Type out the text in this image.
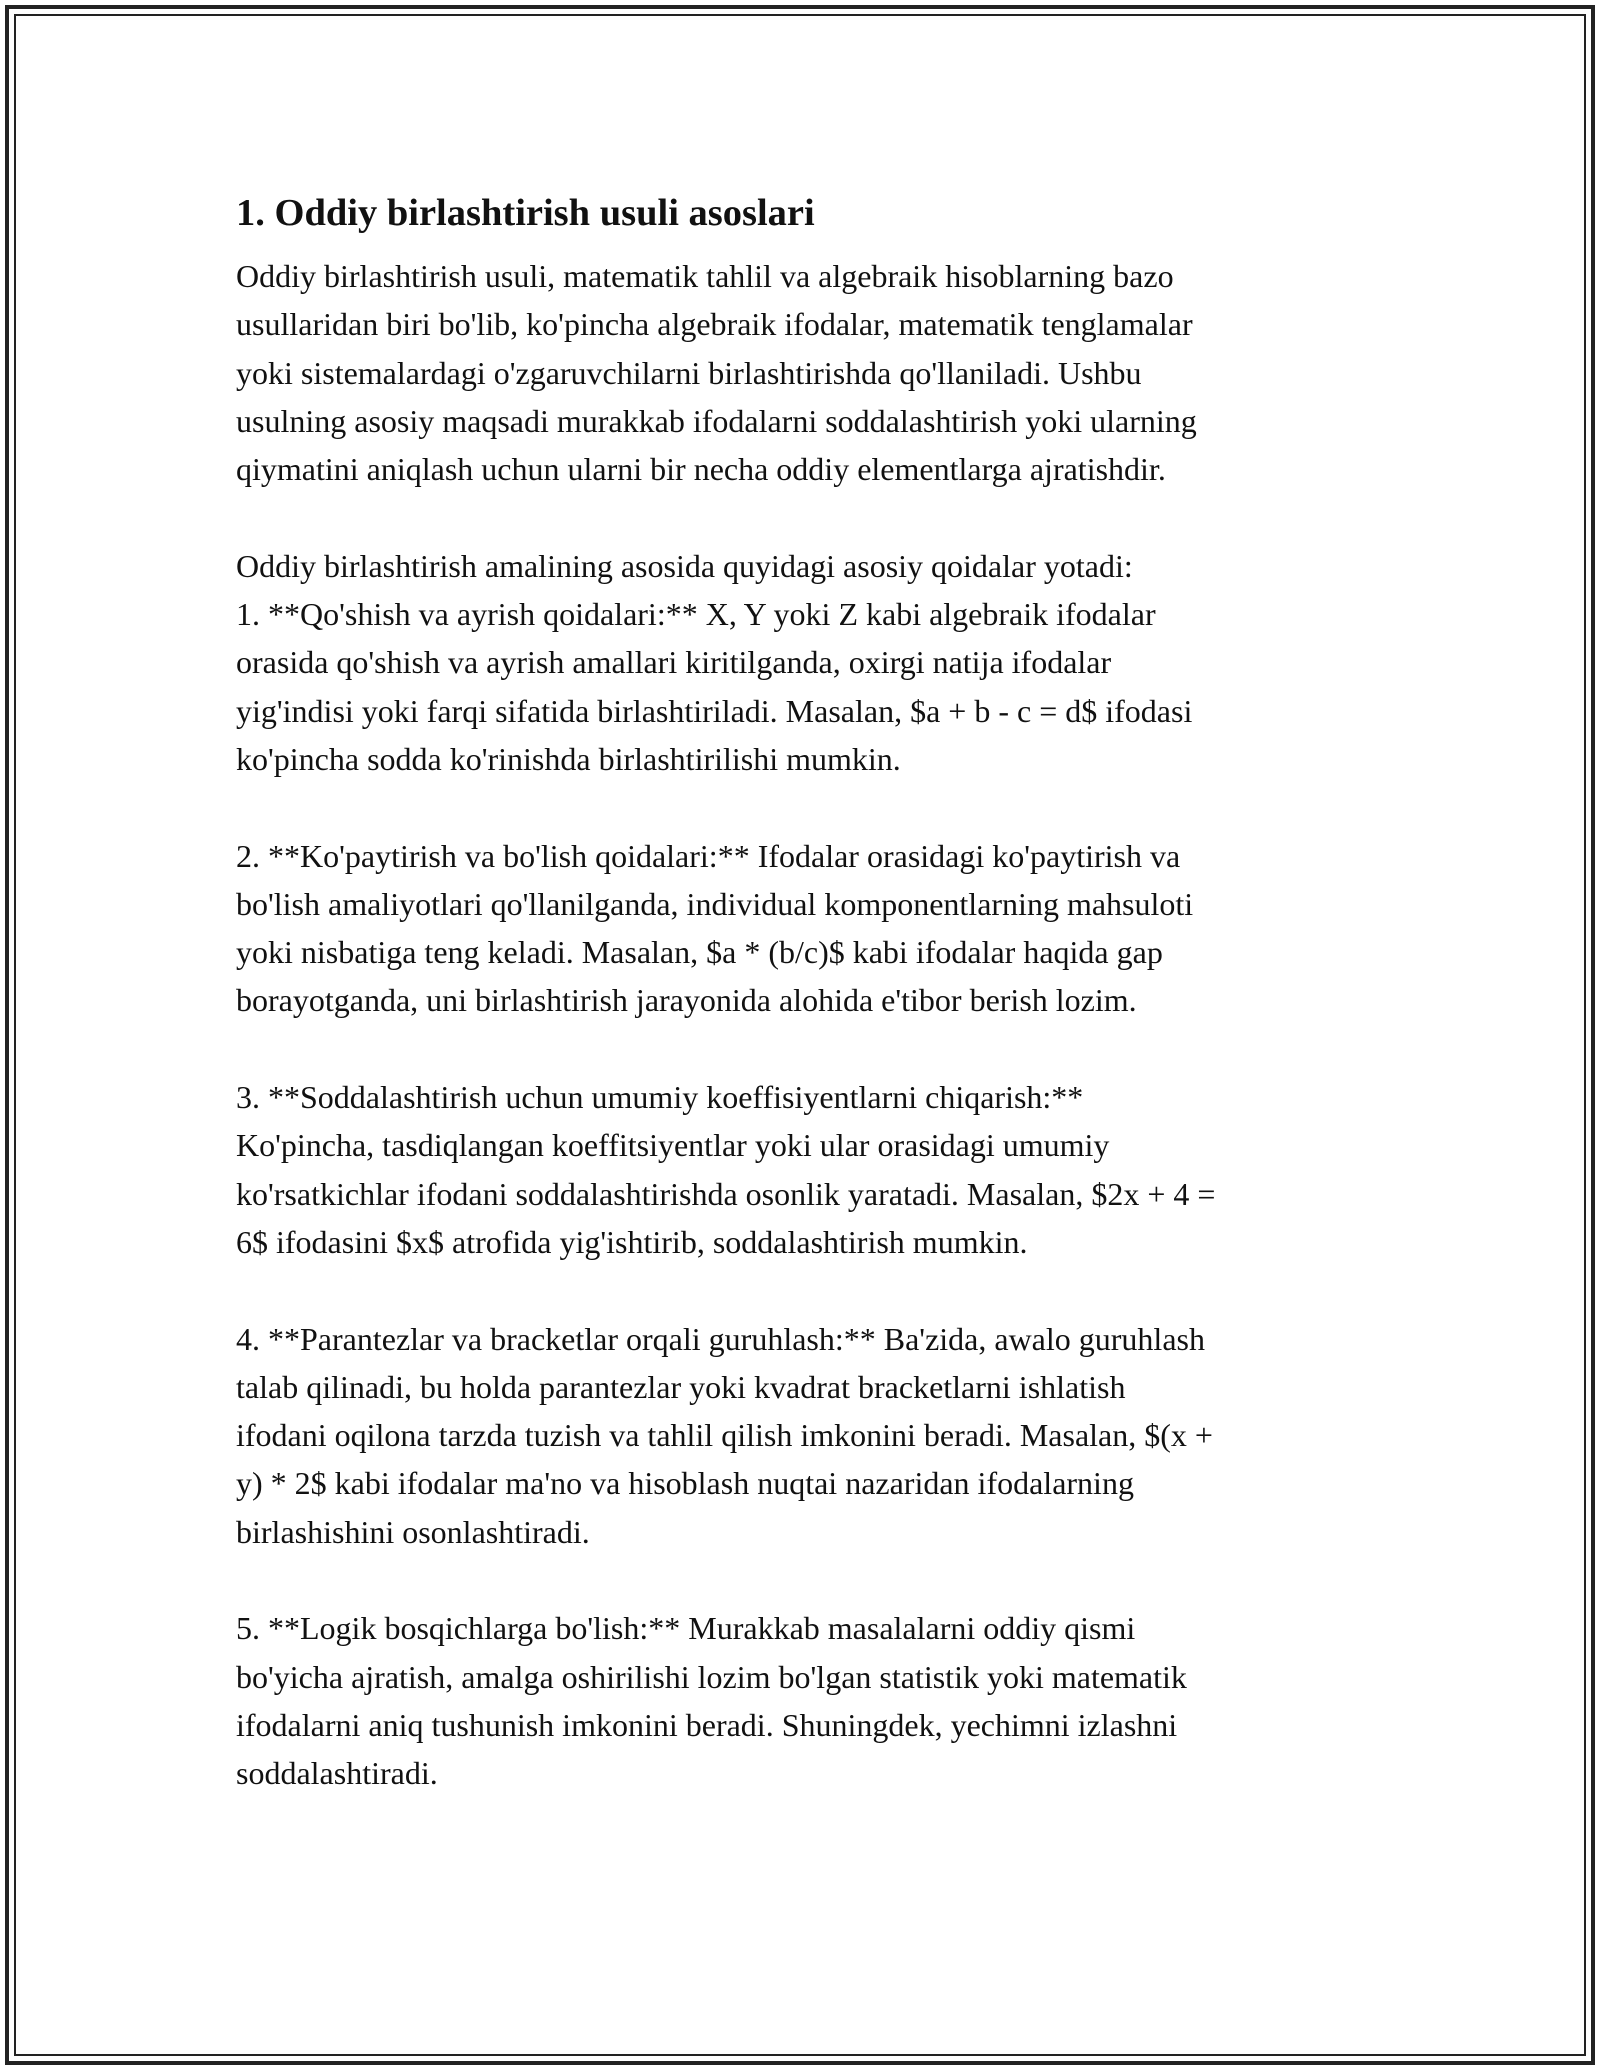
1. Oddiy birlashtirish usuli asoslari

Oddiy birlashtirish usuli, matematik tahlil va algebraik hisoblarning bazo
usullaridan biri bo'lib, ko'pincha algebraik ifodalar, matematik tenglamalar
yoki sistemalardagi o'zgaruvchilarni birlashtirishda qo'llaniladi. Ushbu
usulning asosiy maqsadi murakkab ifodalarni soddalashtirish yoki ularning
qiymatini aniqlash uchun ularni bir necha oddiy elementlarga ajratishdir.
Oddiy birlashtirish amalining asosida quyidagi asosiy qoidalar yotadi:

1. **Qo'shish va ayrish qoidalari:** X, Y yoki Z kabi algebraik ifodalar
orasida qo'shish va ayrish amallari kiritilganda, oxirgi natija ifodalar
yig'indisi yoki farqi sifatida birlashtiriladi. Masalan, $a + b - c = d$ ifodasi
ko'pincha sodda ko'rinishda birlashtirilishi mumkin.

2. **Ko'paytirish va bo'lish qoidalari:** Ifodalar orasidagi ko'paytirish va
bo'lish amaliyotlari qo'llanilganda, individual komponentlarning mahsuloti
yoki nisbatiga teng keladi. Masalan, $a * (b/c)$ kabi ifodalar haqida gap
borayotganda, uni birlashtirish jarayonida alohida e'tibor berish lozim.

3. **Soddalashtirish uchun umumiy koeffisiyentlarni chiqarish:**
Ko'pincha, tasdiqlangan koeffitsiyentlar yoki ular orasidagi umumiy
ko'rsatkichlar ifodani soddalashtirishda osonlik yaratadi. Masalan, $2x + 4 =
6$ ifodasini $x$ atrofida yig'ishtirib, soddalashtirish mumkin.

4. **Parantezlar va bracketlar orqali guruhlash:** Ba'zida, awalo guruhlash
talab qilinadi, bu holda parantezlar yoki kvadrat bracketlarni ishlatish
ifodani oqilona tarzda tuzish va tahlil qilish imkonini beradi. Masalan, $(x +
y) * 2$ kabi ifodalar ma'no va hisoblash nuqtai nazaridan ifodalarning
birlashishini osonlashtiradi.

5. **Logik bosqichlarga bo'lish:** Murakkab masalalarni oddiy qismi
bo'yicha ajratish, amalga oshirilishi lozim bo'lgan statistik yoki matematik
ifodalarni aniq tushunish imkonini beradi. Shuningdek, yechimni izlashni
soddalashtiradi.
